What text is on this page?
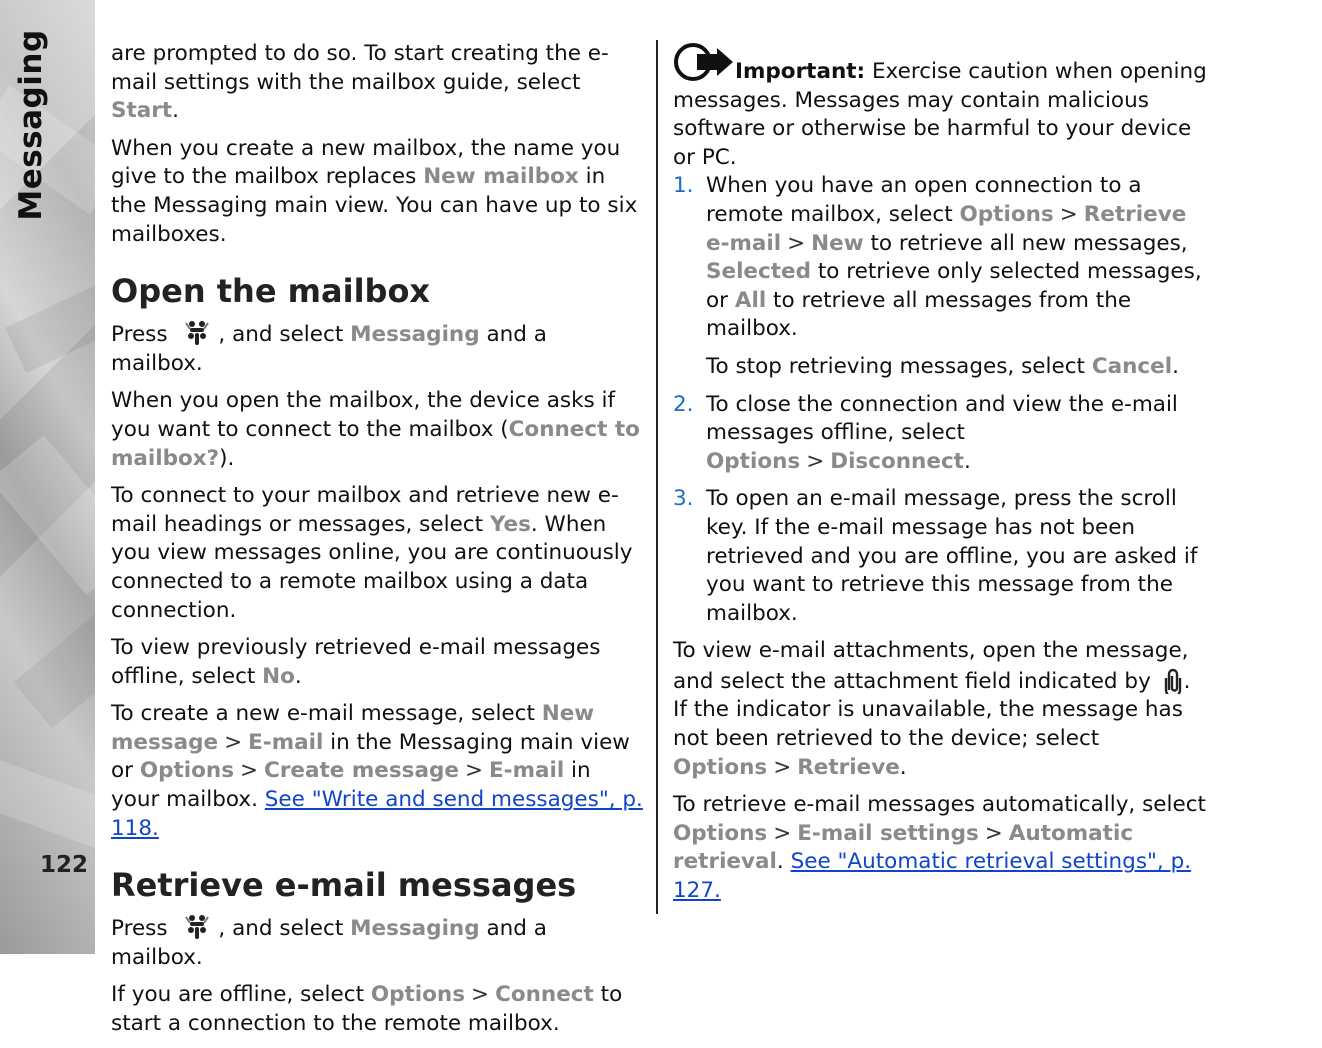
Messaging
122

are prompted to do so. To start creating the e-mail settings with the mailbox guide, select Start.

When you create a new mailbox, the name you give to the mailbox replaces New mailbox in the Messaging main view. You can have up to six mailboxes.

Open the mailbox

Press , and select Messaging and a mailbox.

When you open the mailbox, the device asks if you want to connect to the mailbox (Connect to mailbox?).

To connect to your mailbox and retrieve new e-mail headings or messages, select Yes. When you view messages online, you are continuously connected to a remote mailbox using a data connection.

To view previously retrieved e-mail messages offline, select No.

To create a new e-mail message, select New message > E-mail in the Messaging main view or Options > Create message > E-mail in your mailbox. See "Write and send messages", p. 118.

Retrieve e-mail messages

Press , and select Messaging and a mailbox.

If you are offline, select Options > Connect to start a connection to the remote mailbox.

Important: Exercise caution when opening messages. Messages may contain malicious software or otherwise be harmful to your device or PC.

1. When you have an open connection to a remote mailbox, select Options > Retrieve e-mail > New to retrieve all new messages, Selected to retrieve only selected messages, or All to retrieve all messages from the mailbox.

To stop retrieving messages, select Cancel.

2. To close the connection and view the e-mail messages offline, select Options > Disconnect.

3. To open an e-mail message, press the scroll key. If the e-mail message has not been retrieved and you are offline, you are asked if you want to retrieve this message from the mailbox.

To view e-mail attachments, open the message, and select the attachment field indicated by . If the indicator is unavailable, the message has not been retrieved to the device; select Options > Retrieve.

To retrieve e-mail messages automatically, select Options > E-mail settings > Automatic retrieval. See "Automatic retrieval settings", p. 127.
